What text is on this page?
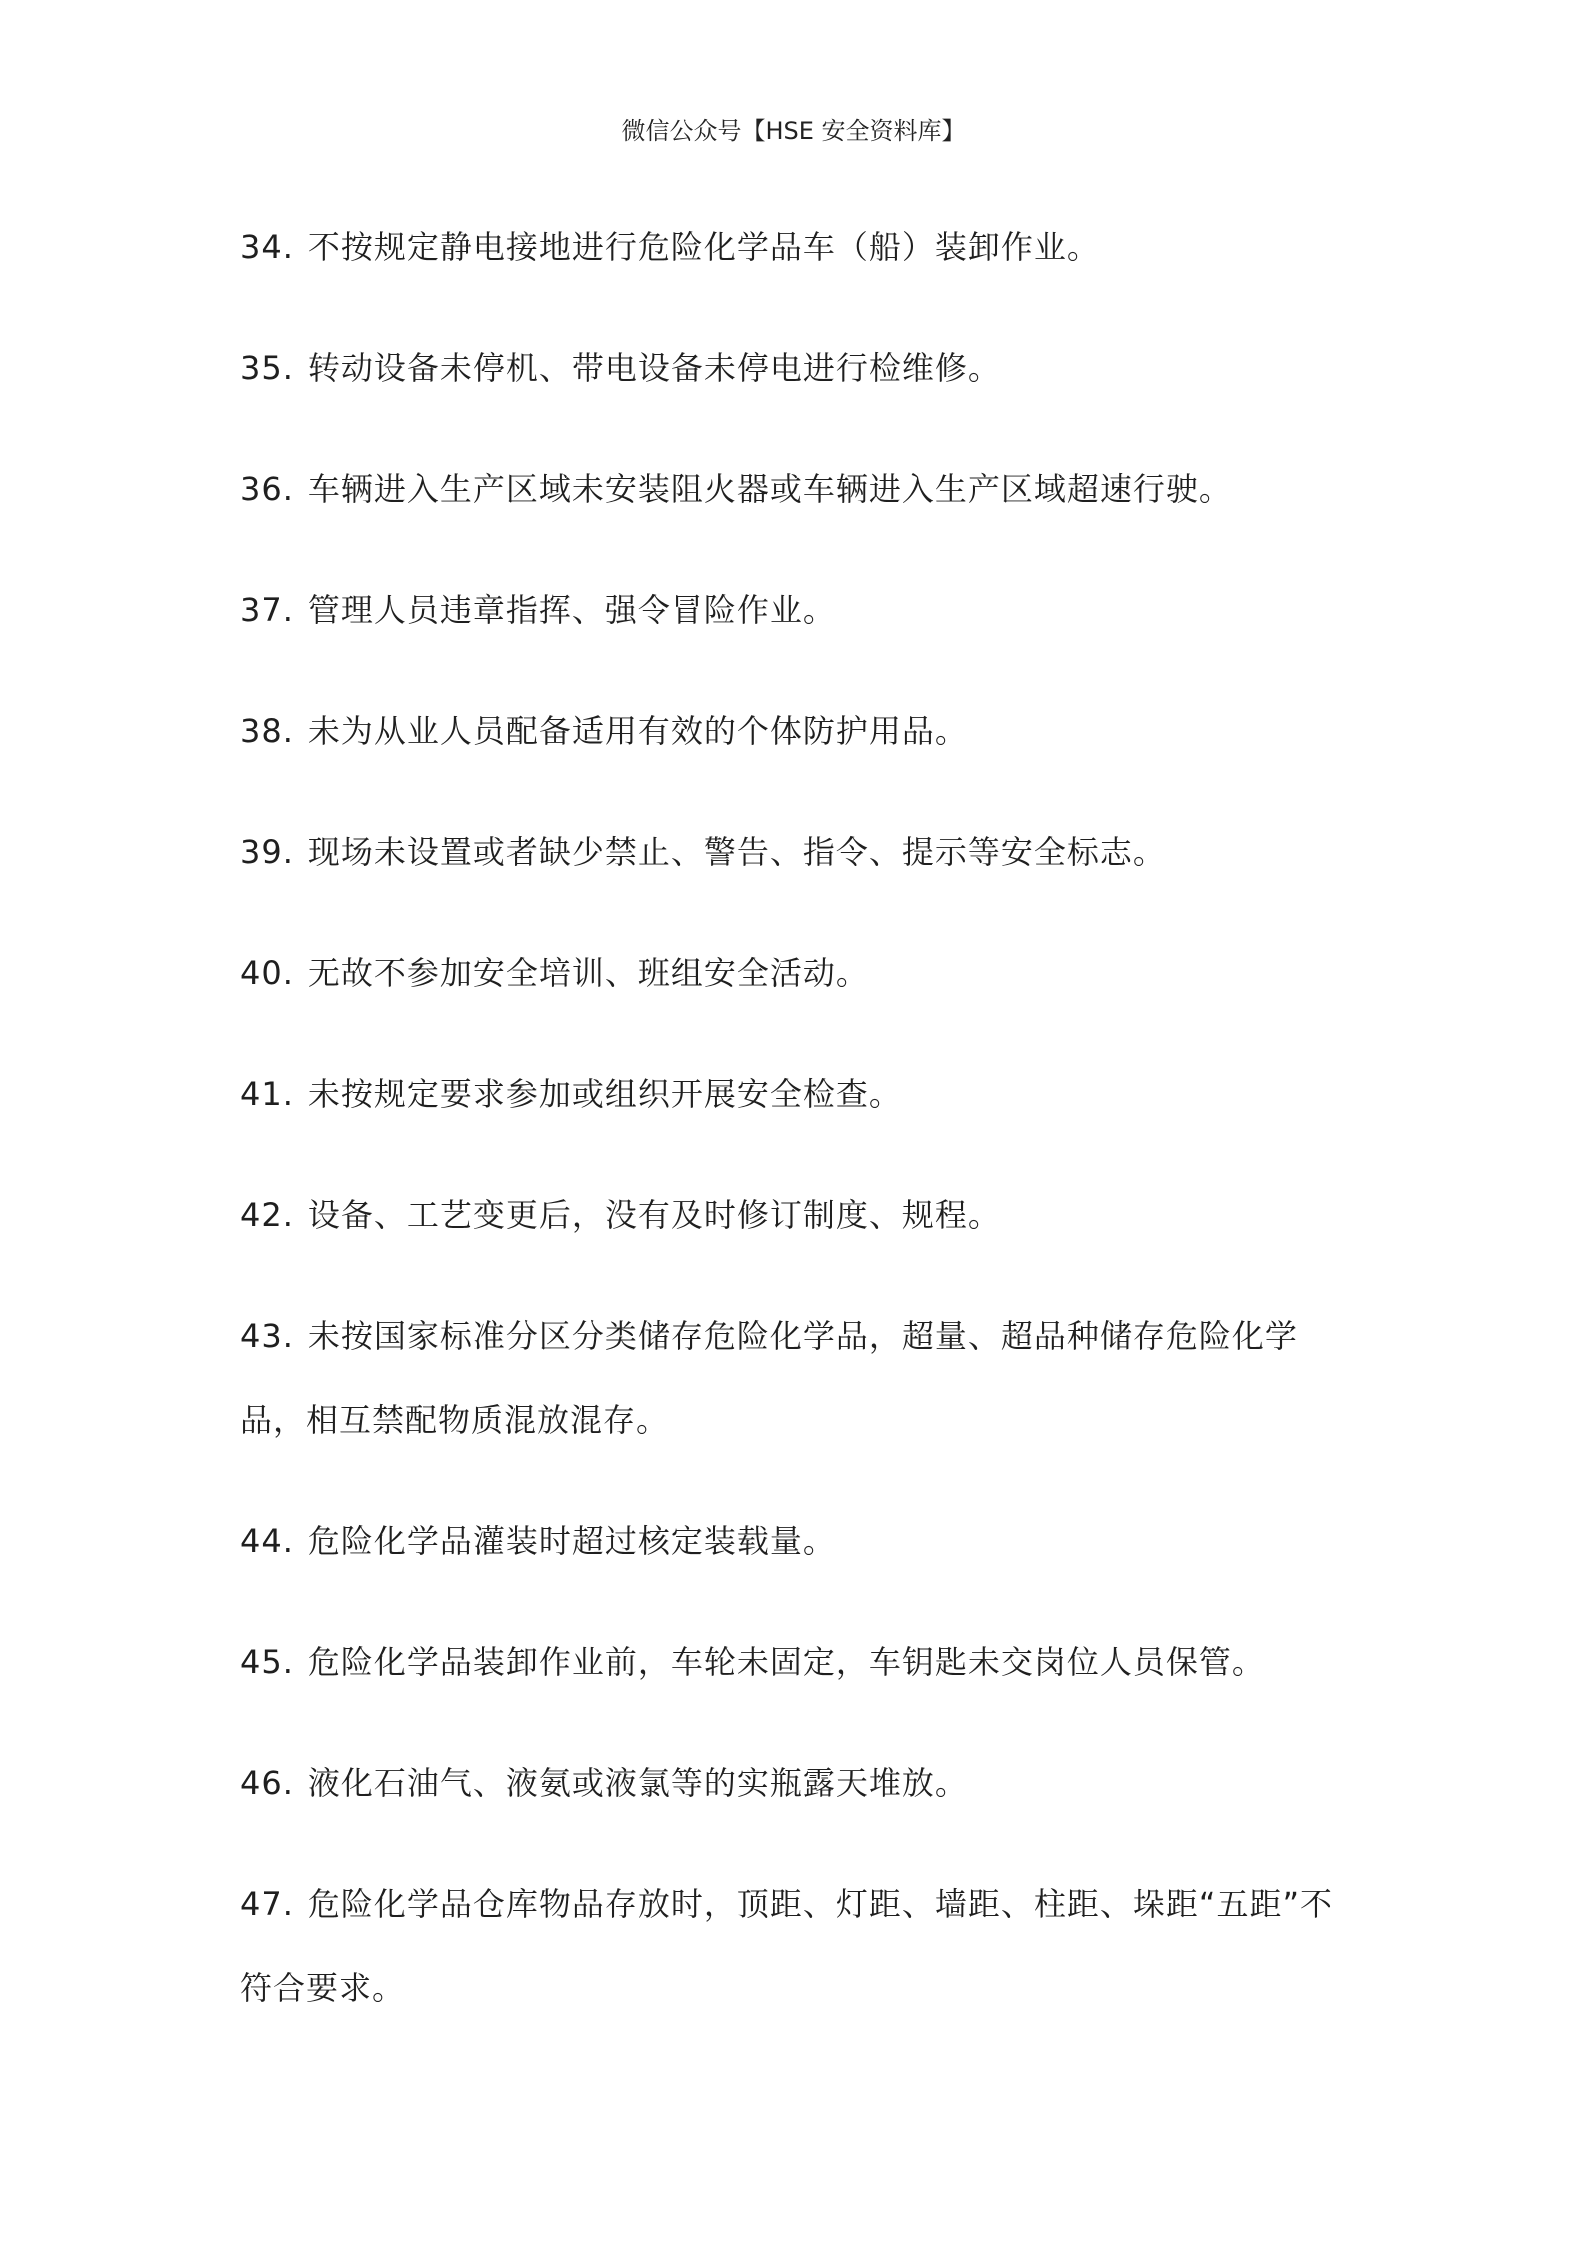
微信公众号【HSE 安全资料库】

34. 不按规定静电接地进行危险化学品车（船）装卸作业。

35. 转动设备未停机、带电设备未停电进行检维修。

36. 车辆进入生产区域未安装阻火器或车辆进入生产区域超速行驶。

37. 管理人员违章指挥、强令冒险作业。

38. 未为从业人员配备适用有效的个体防护用品。

39. 现场未设置或者缺少禁止、警告、指令、提示等安全标志。

40. 无故不参加安全培训、班组安全活动。

41. 未按规定要求参加或组织开展安全检查。

42. 设备、工艺变更后，没有及时修订制度、规程。

43. 未按国家标准分区分类储存危险化学品，超量、超品种储存危险化学品，相互禁配物质混放混存。

44. 危险化学品灌装时超过核定装载量。

45. 危险化学品装卸作业前，车轮未固定，车钥匙未交岗位人员保管。

46. 液化石油气、液氨或液氯等的实瓶露天堆放。

47. 危险化学品仓库物品存放时，顶距、灯距、墙距、柱距、垛距“五距”不符合要求。
